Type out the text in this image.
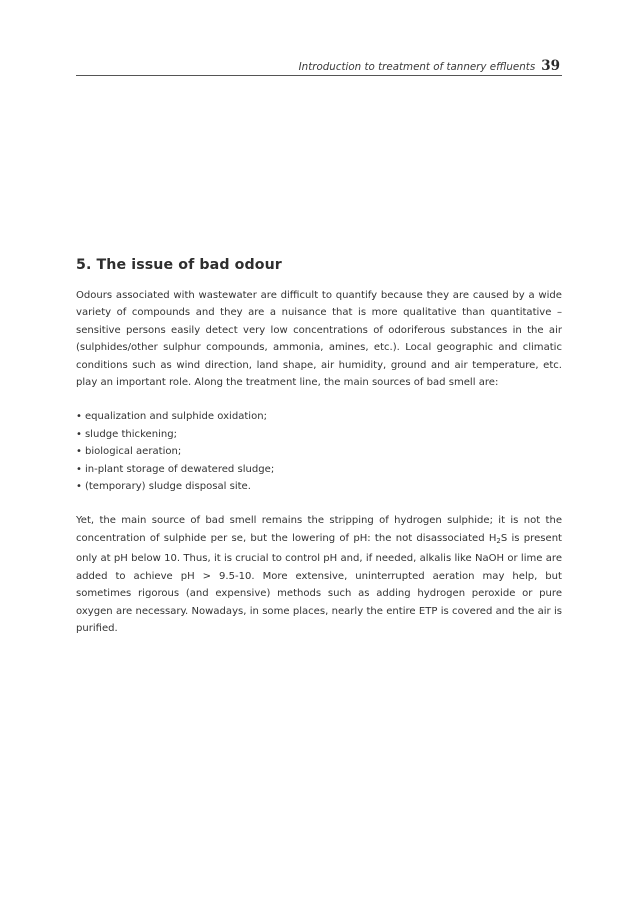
Introduction to treatment of tannery effluents 39
5. The issue of bad odour

Odours associated with wastewater are difficult to quantify because they are caused by a wide variety of compounds and they are a nuisance that is more qualitative than quantitative – sensitive persons easily detect very low concentrations of odoriferous substances in the air (sulphides/other sulphur compounds, ammonia, amines, etc.). Local geographic and climatic conditions such as wind direction, land shape, air humidity, ground and air temperature, etc. play an important role. Along the treatment line, the main sources of bad smell are:

• equalization and sulphide oxidation;
• sludge thickening;
• biological aeration;
• in-plant storage of dewatered sludge;
• (temporary) sludge disposal site.

Yet, the main source of bad smell remains the stripping of hydrogen sulphide; it is not the concentration of sulphide per se, but the lowering of pH: the not disassociated $H_2S$ is present only at pH below 10. Thus, it is crucial to control pH and, if needed, alkalis like NaOH or lime are added to achieve pH > 9.5-10. More extensive, uninterrupted aeration may help, but sometimes rigorous (and expensive) methods such as adding hydrogen peroxide or pure oxygen are necessary. Nowadays, in some places, nearly the entire ETP is covered and the air is purified.
